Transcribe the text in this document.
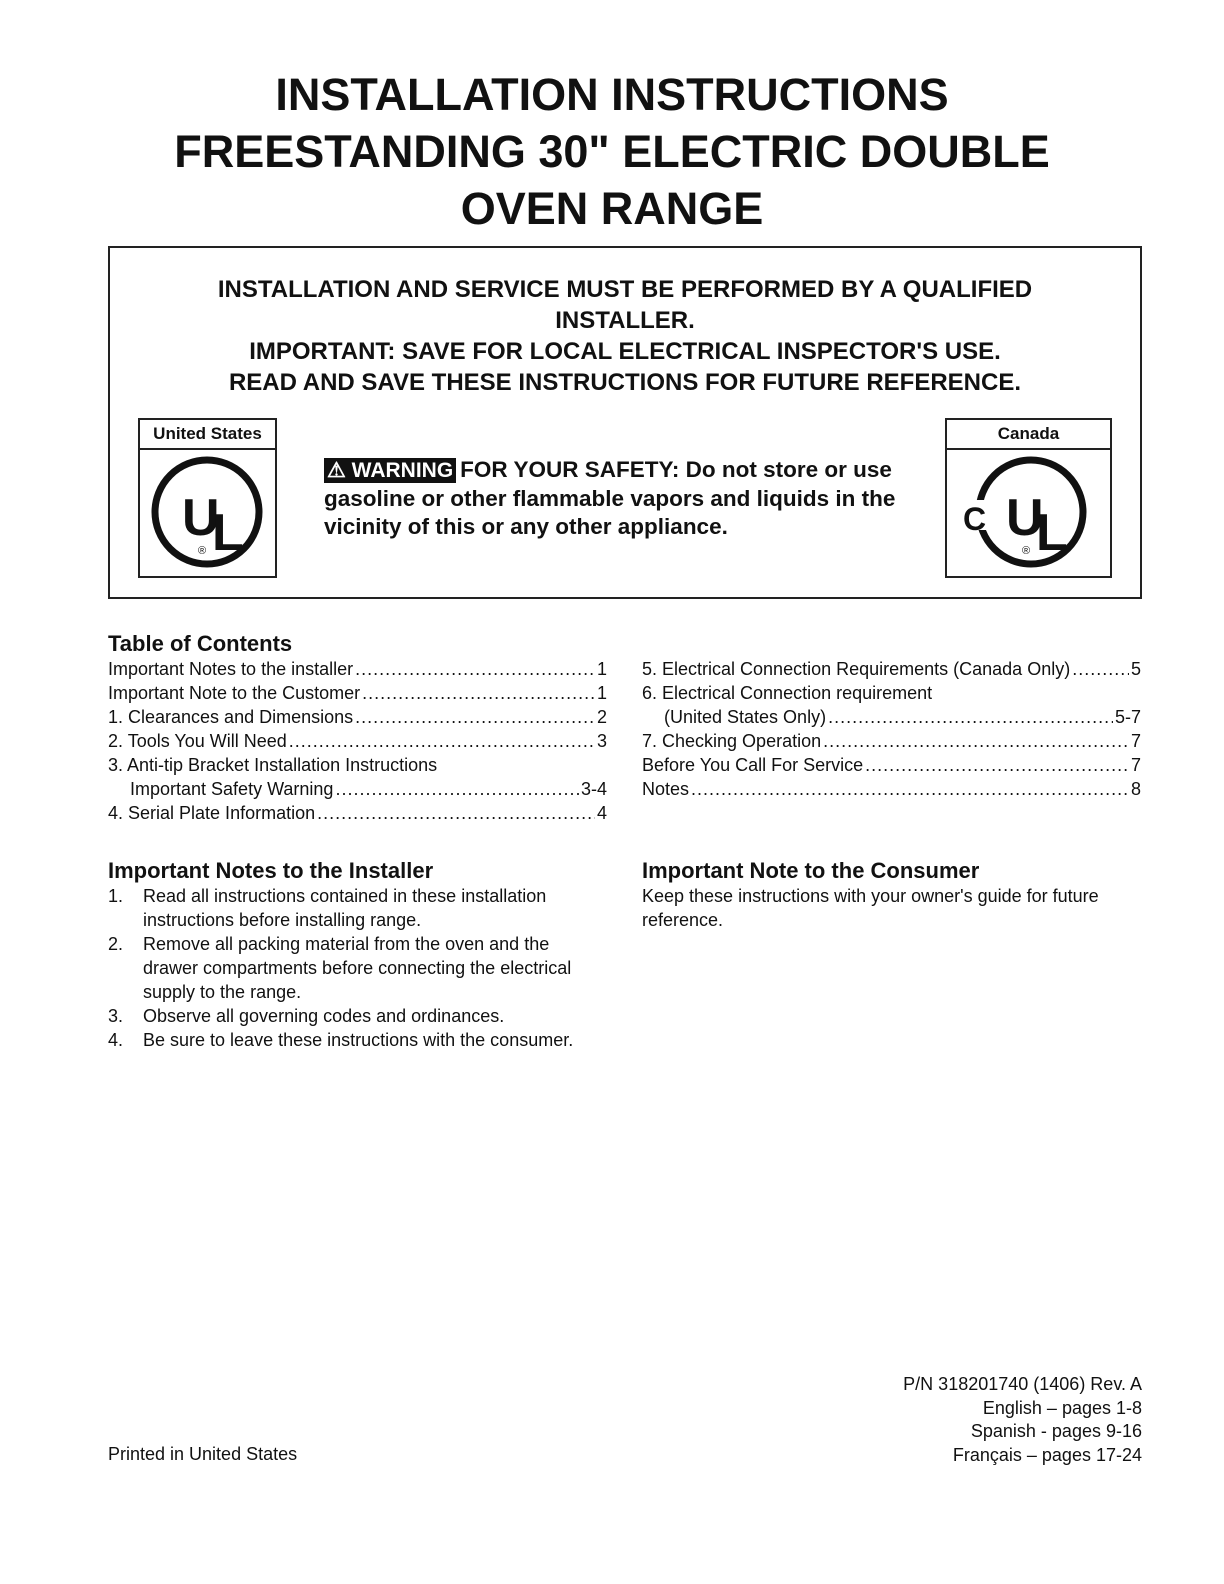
INSTALLATION INSTRUCTIONS
FREESTANDING 30" ELECTRIC DOUBLE
OVEN RANGE
INSTALLATION AND SERVICE MUST BE PERFORMED BY A QUALIFIED
INSTALLER.
IMPORTANT: SAVE FOR LOCAL ELECTRICAL INSPECTOR'S USE.
READ AND SAVE THESE INSTRUCTIONS FOR FUTURE REFERENCE.
United States
U
L
®
⚠ WARNING FOR YOUR SAFETY: Do not store or use gasoline or other flammable vapors and liquids in the vicinity of this or any other appliance.
Canada
C U
L
®
Table of Contents
Important Notes to the installer .....	1
Important Note to the Customer .....	1
1. Clearances and Dimensions .....	2
2. Tools You Will Need .....	3
3. Anti-tip Bracket Installation Instructions
Important Safety Warning .....	3-4
4. Serial Plate Information .....	4
5. Electrical Connection Requirements (Canada Only) .....	5
6. Electrical Connection requirement
(United States Only) .....	5-7
7. Checking Operation .....	7
Before You Call For Service .....	7
Notes .....	8
Important Notes to the Installer
1.	Read all instructions contained in these installation instructions before installing range.
2.	Remove all packing material from the oven and the drawer compartments before connecting the electrical supply to the range.
3.	Observe all governing codes and ordinances.
4.	Be sure to leave these instructions with the consumer.
Important Note to the Consumer

Keep these instructions with your owner's guide for future reference.

Printed in United States
P/N 318201740 (1406) Rev. A
English – pages 1-8
Spanish - pages 9-16
Français – pages 17-24
